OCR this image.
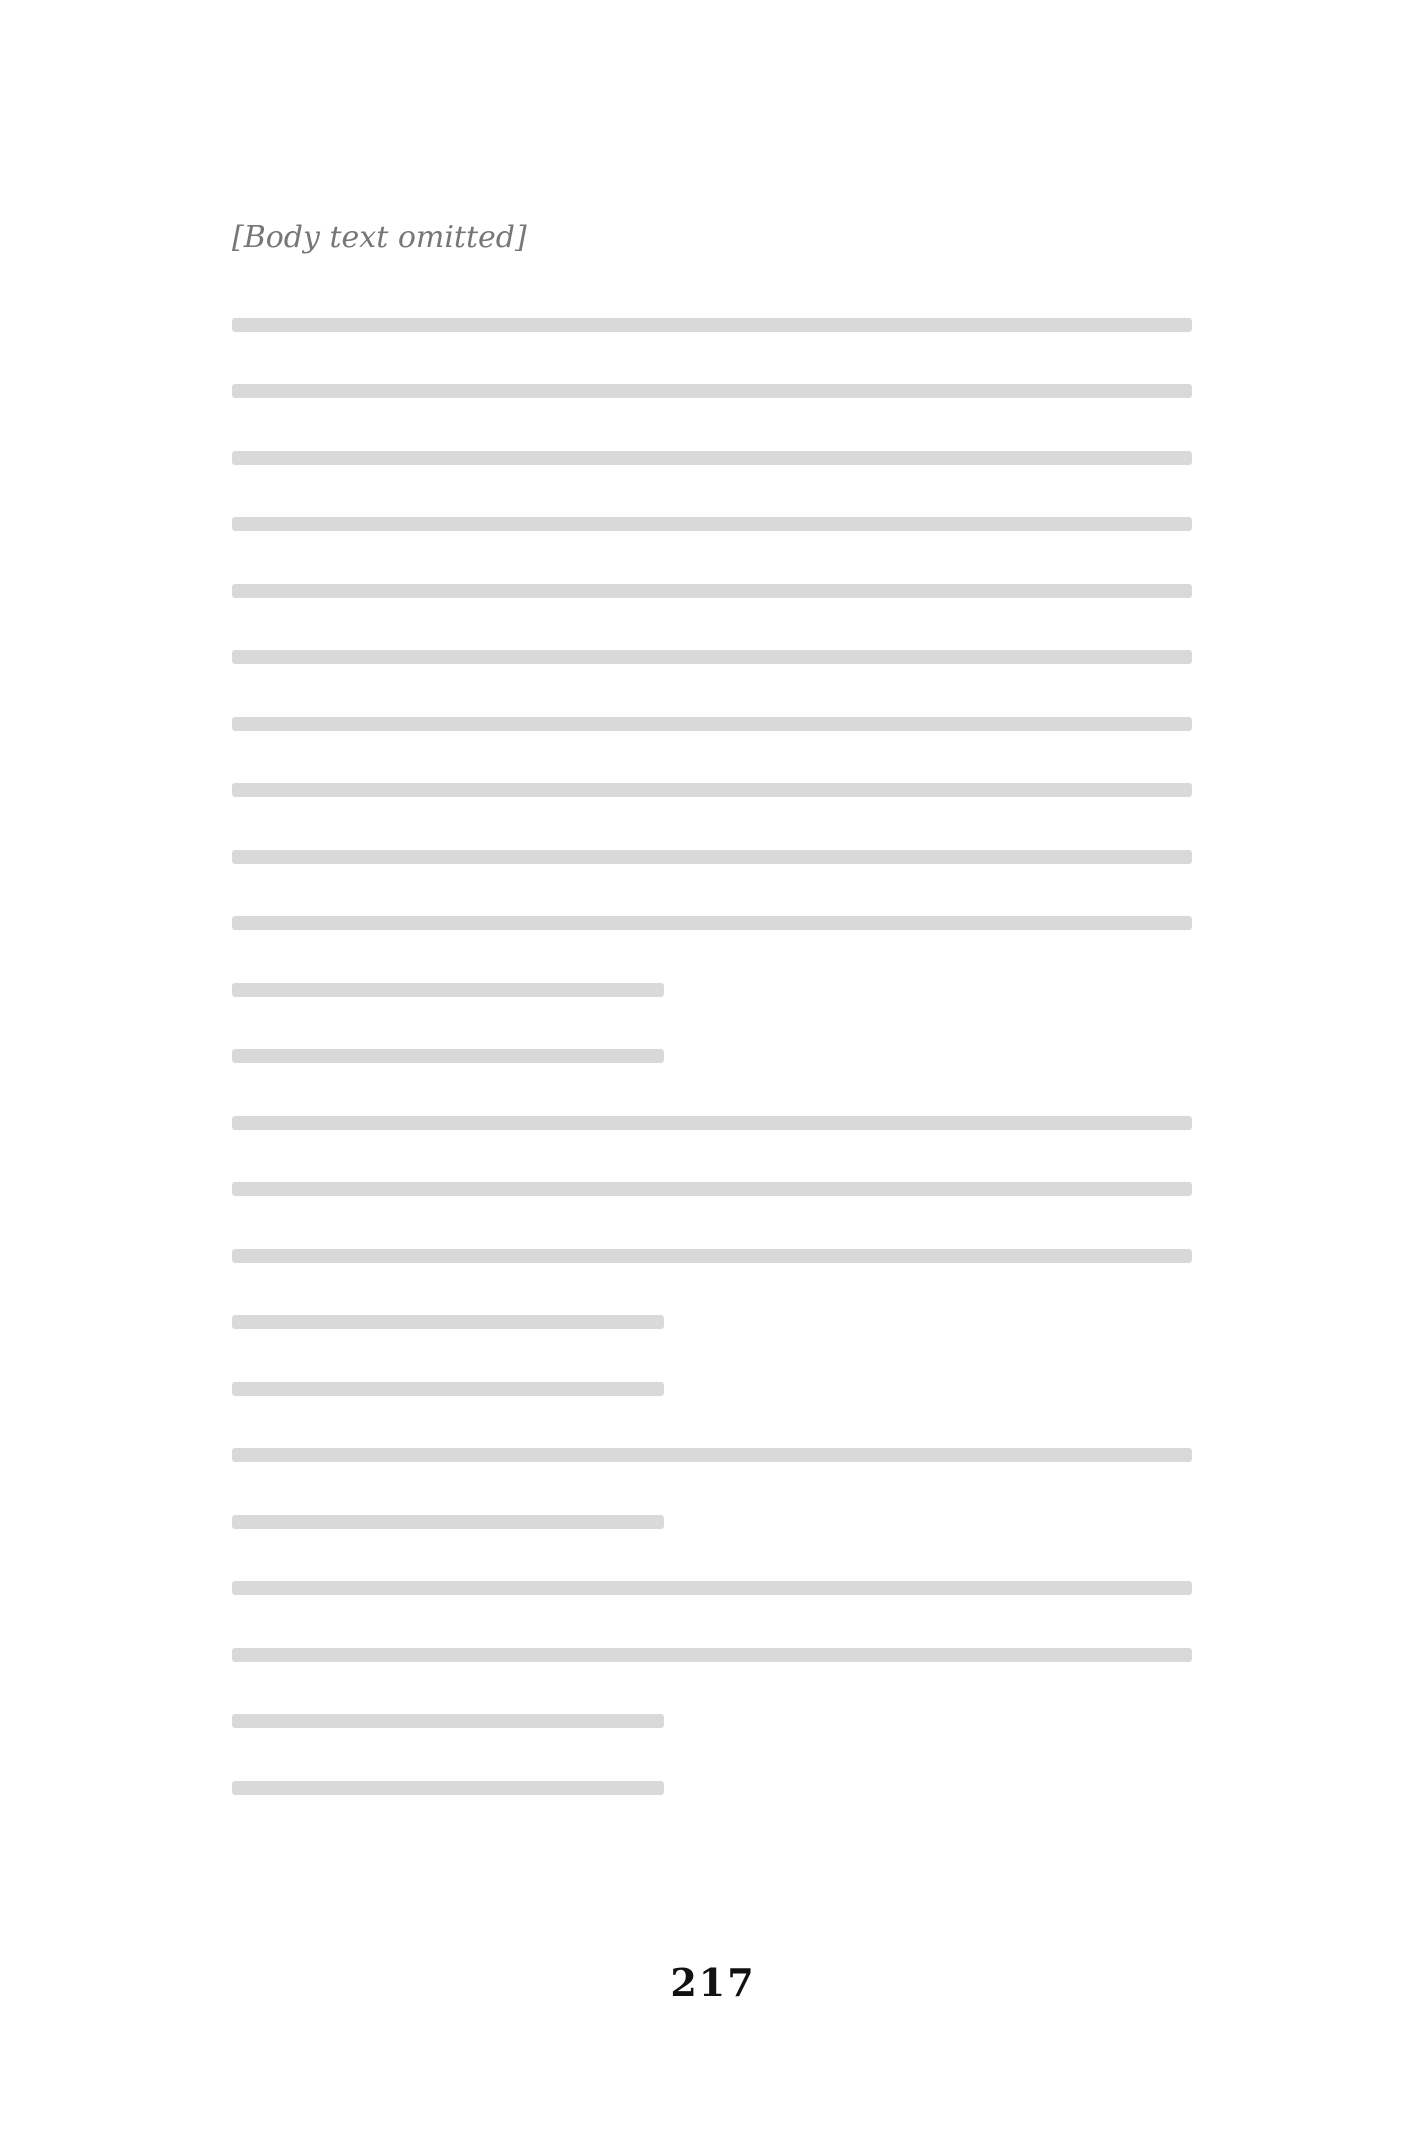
[Body text omitted]
217
